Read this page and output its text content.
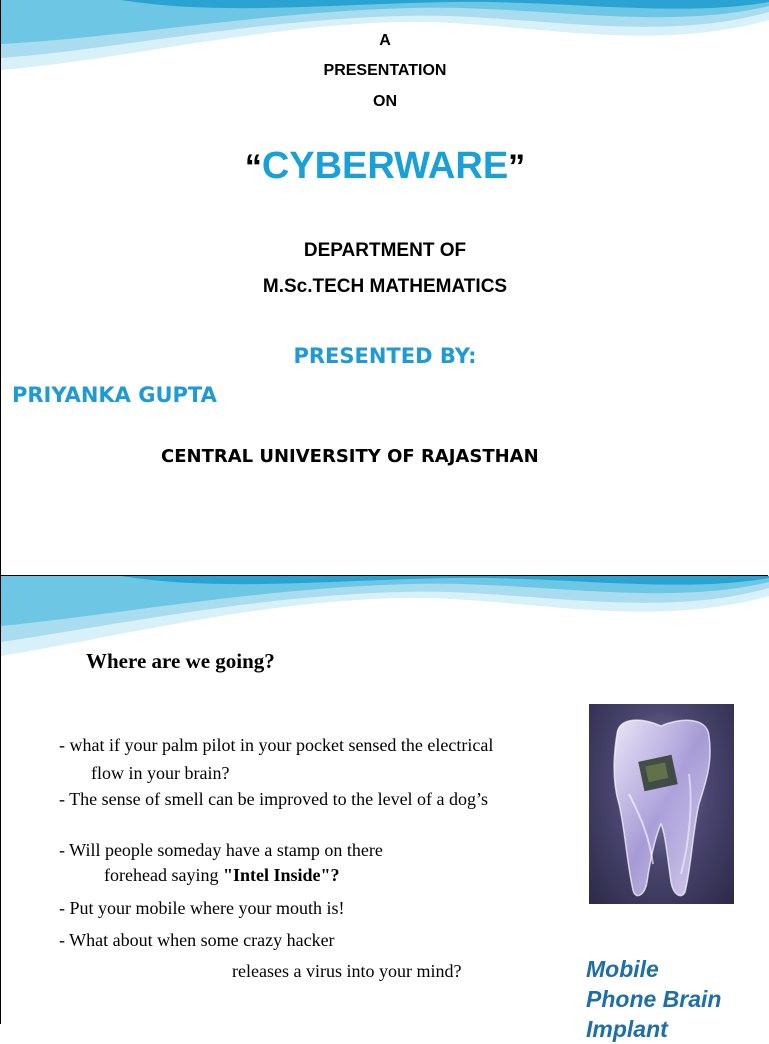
A

PRESENTATION

ON

“CYBERWARE”

DEPARTMENT OF

M.Sc.TECH MATHEMATICS

PRESENTED BY:

PRIYANKA GUPTA

CENTRAL UNIVERSITY OF RAJASTHAN

Where are we going?

- what if your palm pilot in your pocket sensed the electrical

flow in your brain?

- The sense of smell can be improved to the level of a dog’s

- Will people someday have a stamp on there

forehead saying "Intel Inside"?

- Put your mobile where your mouth is!

- What about when some crazy hacker

releases a virus into your mind?	Mobile
Phone Brain
Implant
